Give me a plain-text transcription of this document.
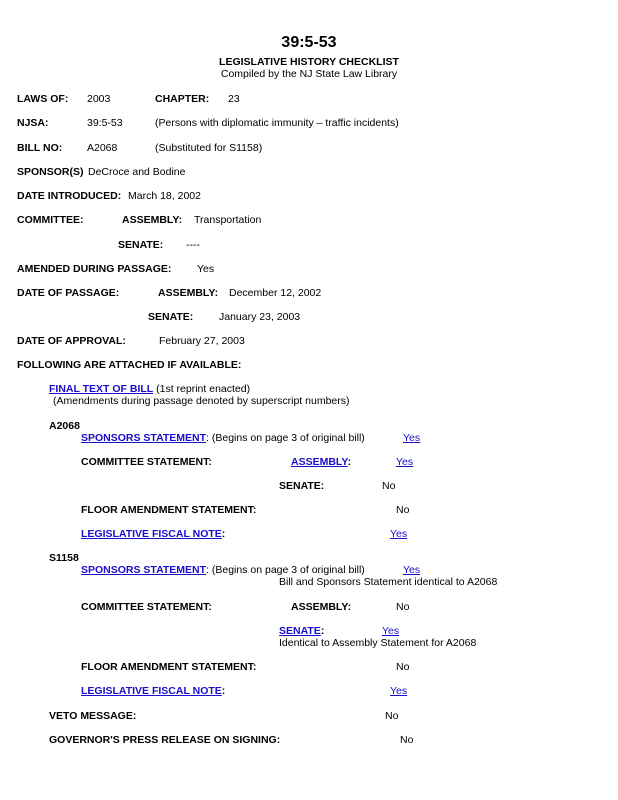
39:5-53
LEGISLATIVE HISTORY CHECKLIST
Compiled by the NJ State Law Library
LAWS OF: 2003	CHAPTER: 23
NJSA:	39:5-53	(Persons with diplomatic immunity – traffic incidents)
BILL NO: A2068	(Substituted for S1158)
SPONSOR(S) DeCroce and Bodine
DATE INTRODUCED: March 18, 2002
COMMITTEE:	ASSEMBLY: Transportation
SENATE: ----
AMENDED DURING PASSAGE: Yes
DATE OF PASSAGE:	ASSEMBLY: December 12, 2002
SENATE: January 23, 2003
DATE OF APPROVAL:	February 27, 2003
FOLLOWING ARE ATTACHED IF AVAILABLE:
FINAL TEXT OF BILL (1st reprint enacted)
(Amendments during passage denoted by superscript numbers)
A2068
SPONSORS STATEMENT: (Begins on page 3 of original bill)	Yes
COMMITTEE STATEMENT:	ASSEMBLY:	Yes
SENATE:	No
FLOOR AMENDMENT STATEMENT:	No
LEGISLATIVE FISCAL NOTE:	Yes
S1158
SPONSORS STATEMENT: (Begins on page 3 of original bill)	Yes
Bill and Sponsors Statement identical to A2068
COMMITTEE STATEMENT:	ASSEMBLY:	No
SENATE:	Yes
Identical to Assembly Statement for A2068
FLOOR AMENDMENT STATEMENT:	No
LEGISLATIVE FISCAL NOTE:	Yes
VETO MESSAGE:	No
GOVERNOR'S PRESS RELEASE ON SIGNING:	No
